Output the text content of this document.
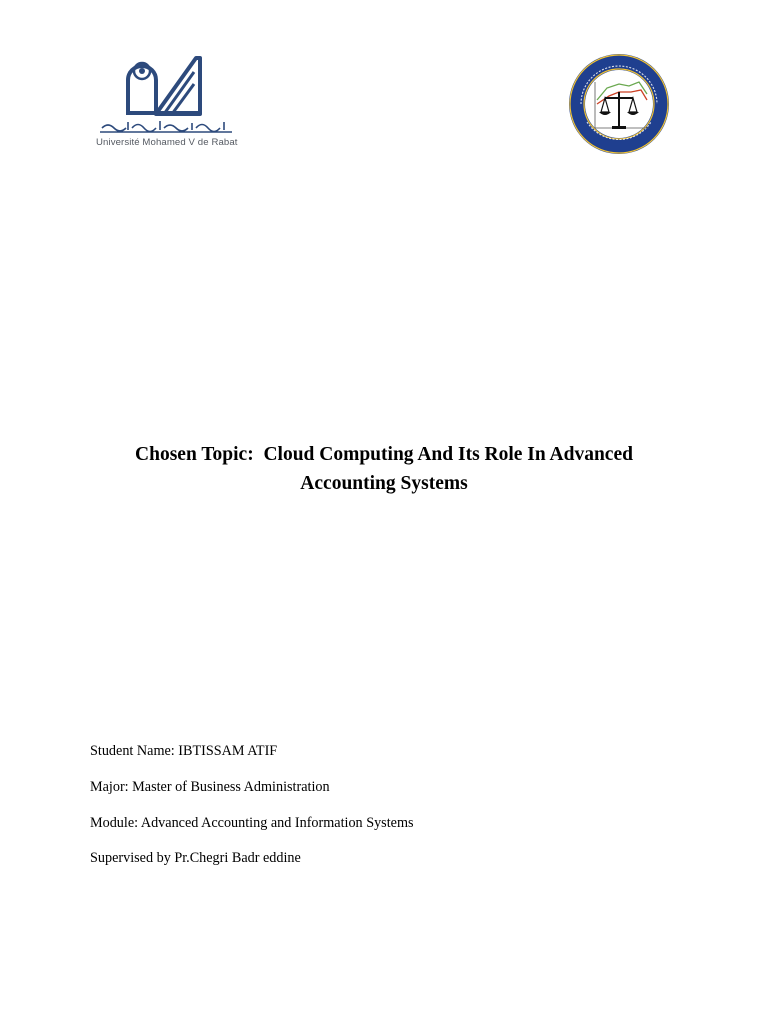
Université Mohamed V de Rabat
Chosen Topic:  Cloud Computing And Its Role In Advanced
Accounting Systems
Student Name: IBTISSAM ATIF
Major: Master of Business Administration
Module: Advanced Accounting and Information Systems
Supervised by Pr.Chegri Badr eddine
